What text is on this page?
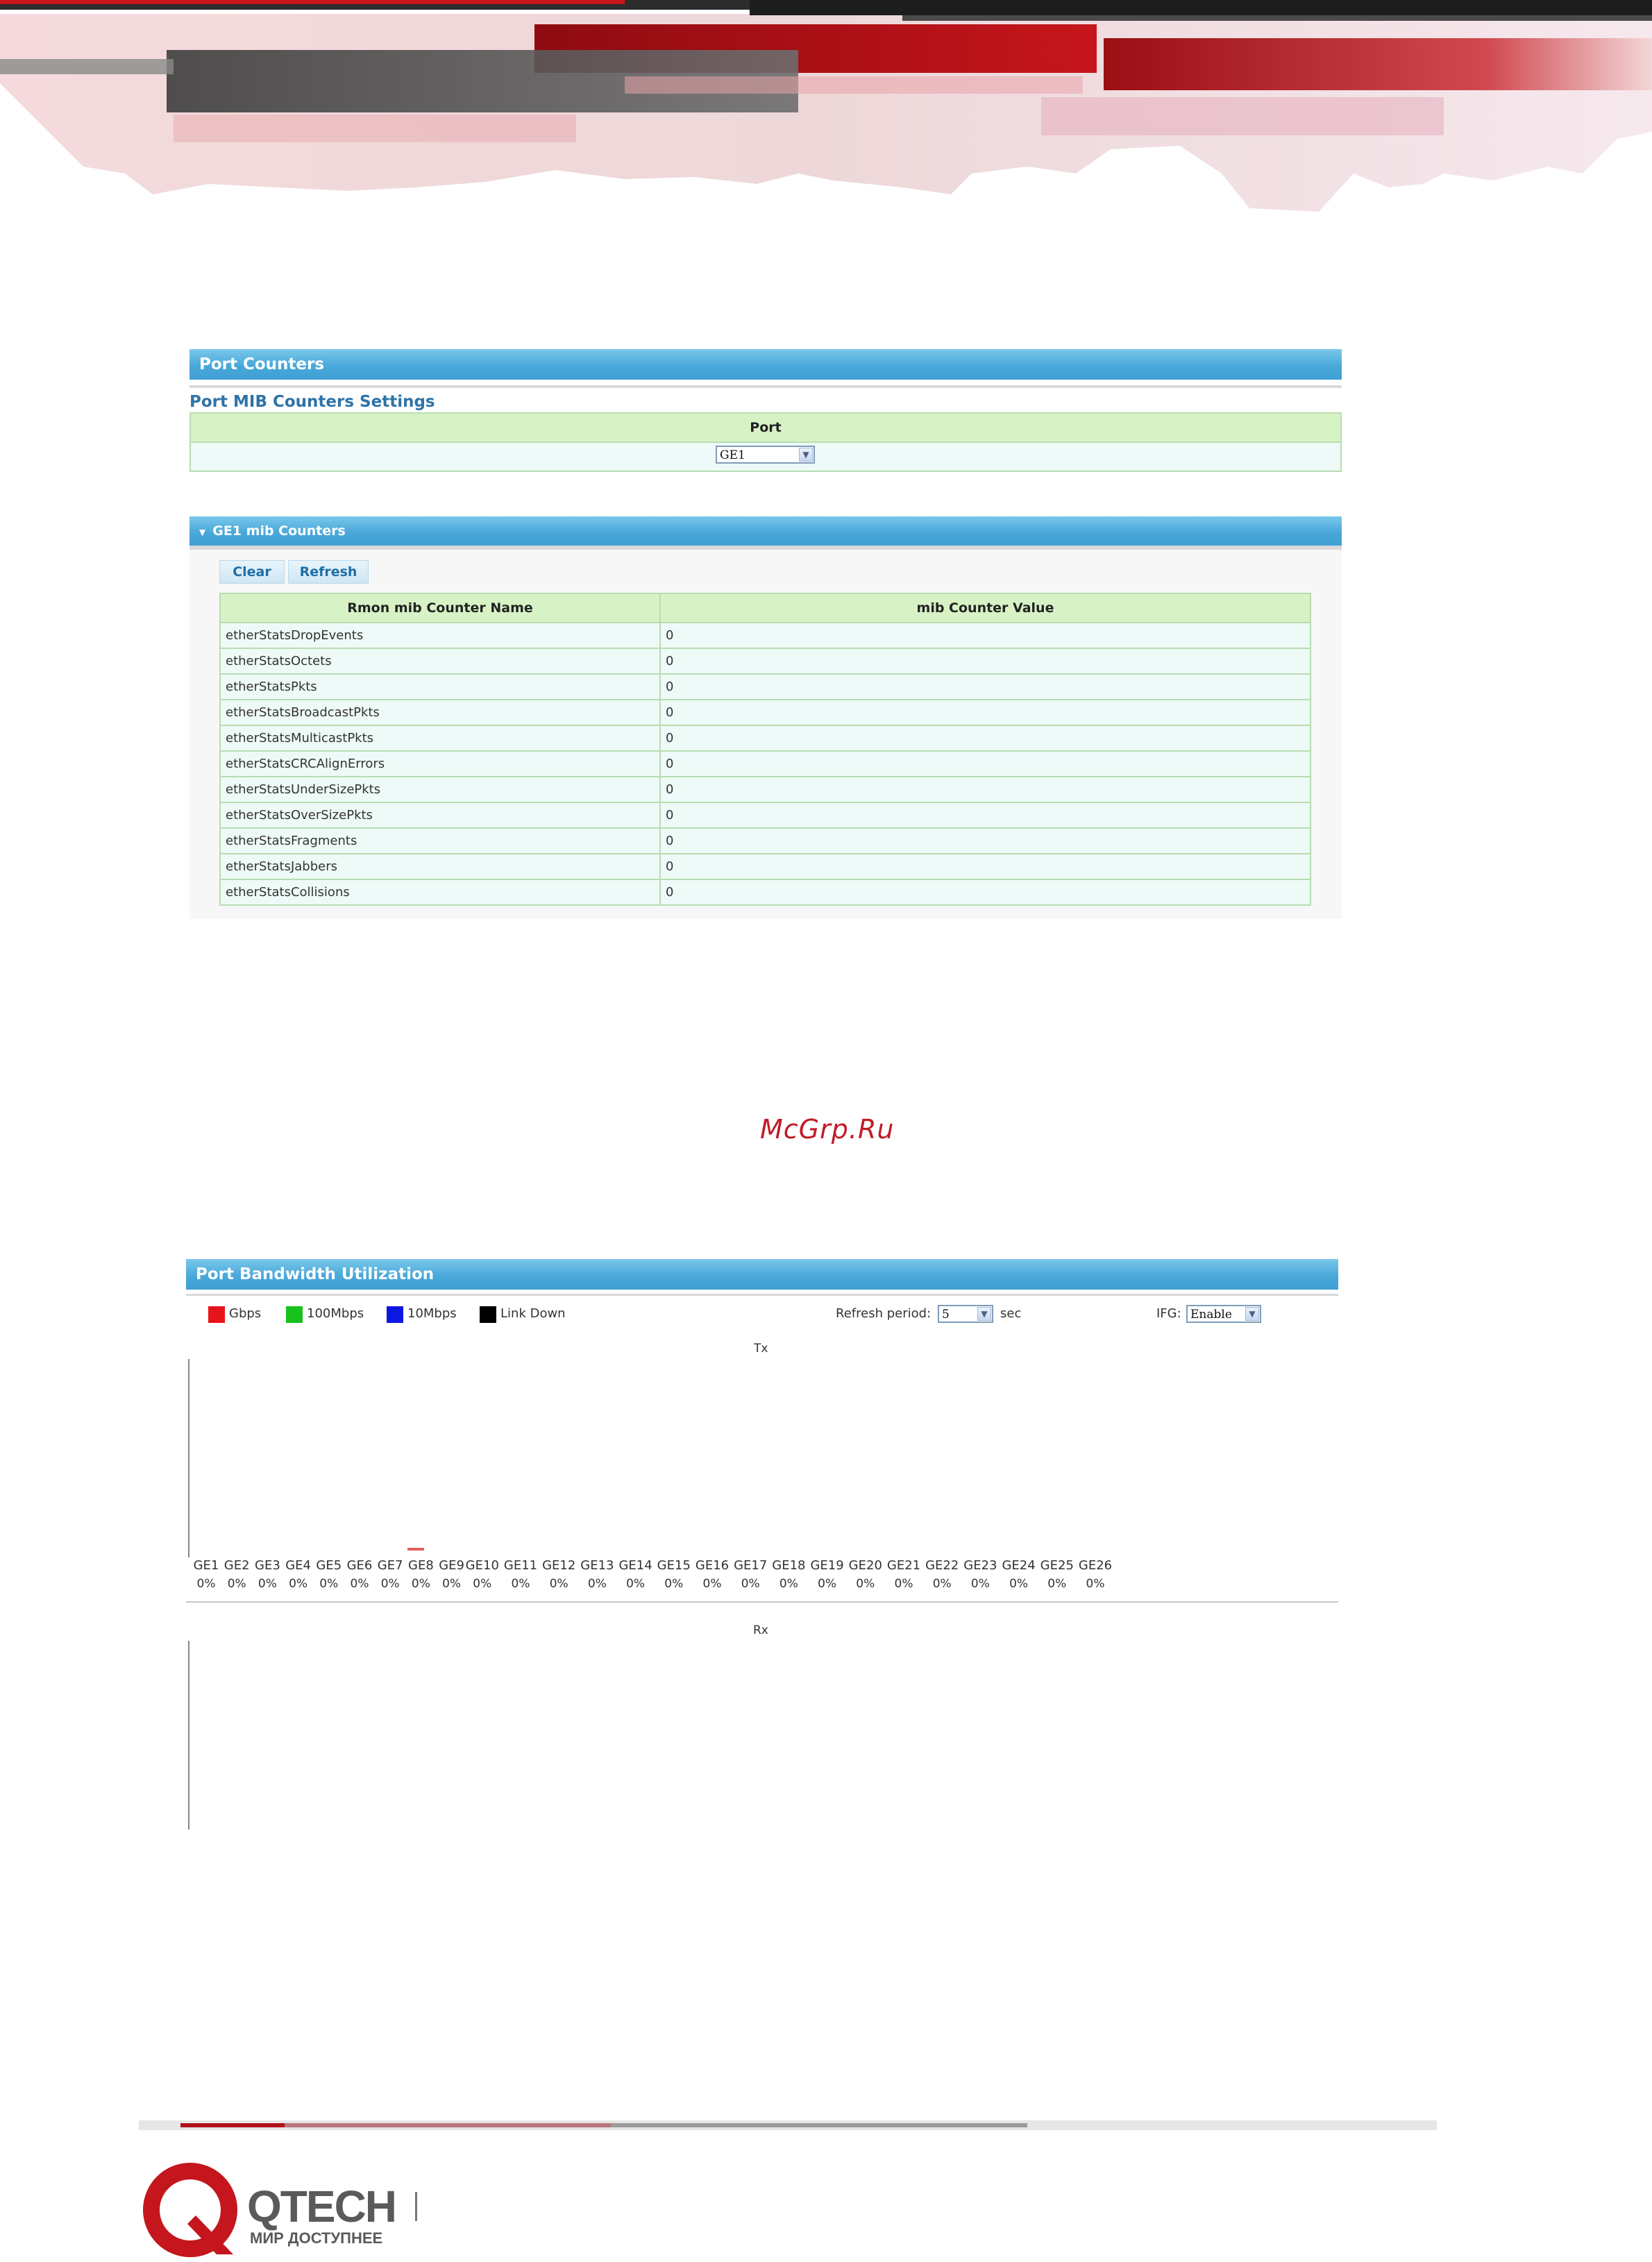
Port Counters
Port MIB Counters Settings
Port

GE1	▼
▼ GE1 mib Counters
Clear	Refresh
Rmon mib Counter Name	mib Counter Value
etherStatsDropEvents	0
etherStatsOctets	0
etherStatsPkts	0
etherStatsBroadcastPkts	0
etherStatsMulticastPkts	0
etherStatsCRCAlignErrors	0
etherStatsUnderSizePkts	0
etherStatsOverSizePkts	0
etherStatsFragments	0
etherStatsJabbers	0
etherStatsCollisions	0
McGrp.Ru
Port Bandwidth Utilization
Gbps	100Mbps	10Mbps	Link Down	Refresh period: 5	▼ sec	IFG: Enable	▼
Tx
GE1
0%
GE2
0%
GE3
0%
GE4
0%
GE5
0%
GE6
0%
GE7
0%
GE8
0%
GE9
0%
GE10
0%
GE11
0%
GE12
0%
GE13
0%
GE14
0%
GE15
0%
GE16
0%
GE17
0%
GE18
0%
GE19
0%
GE20
0%
GE21
0%
GE22
0%
GE23
0%
GE24
0%
GE25
0%
GE26
0%
Rx
QTECH
МИР ДОСТУПНЕЕ
